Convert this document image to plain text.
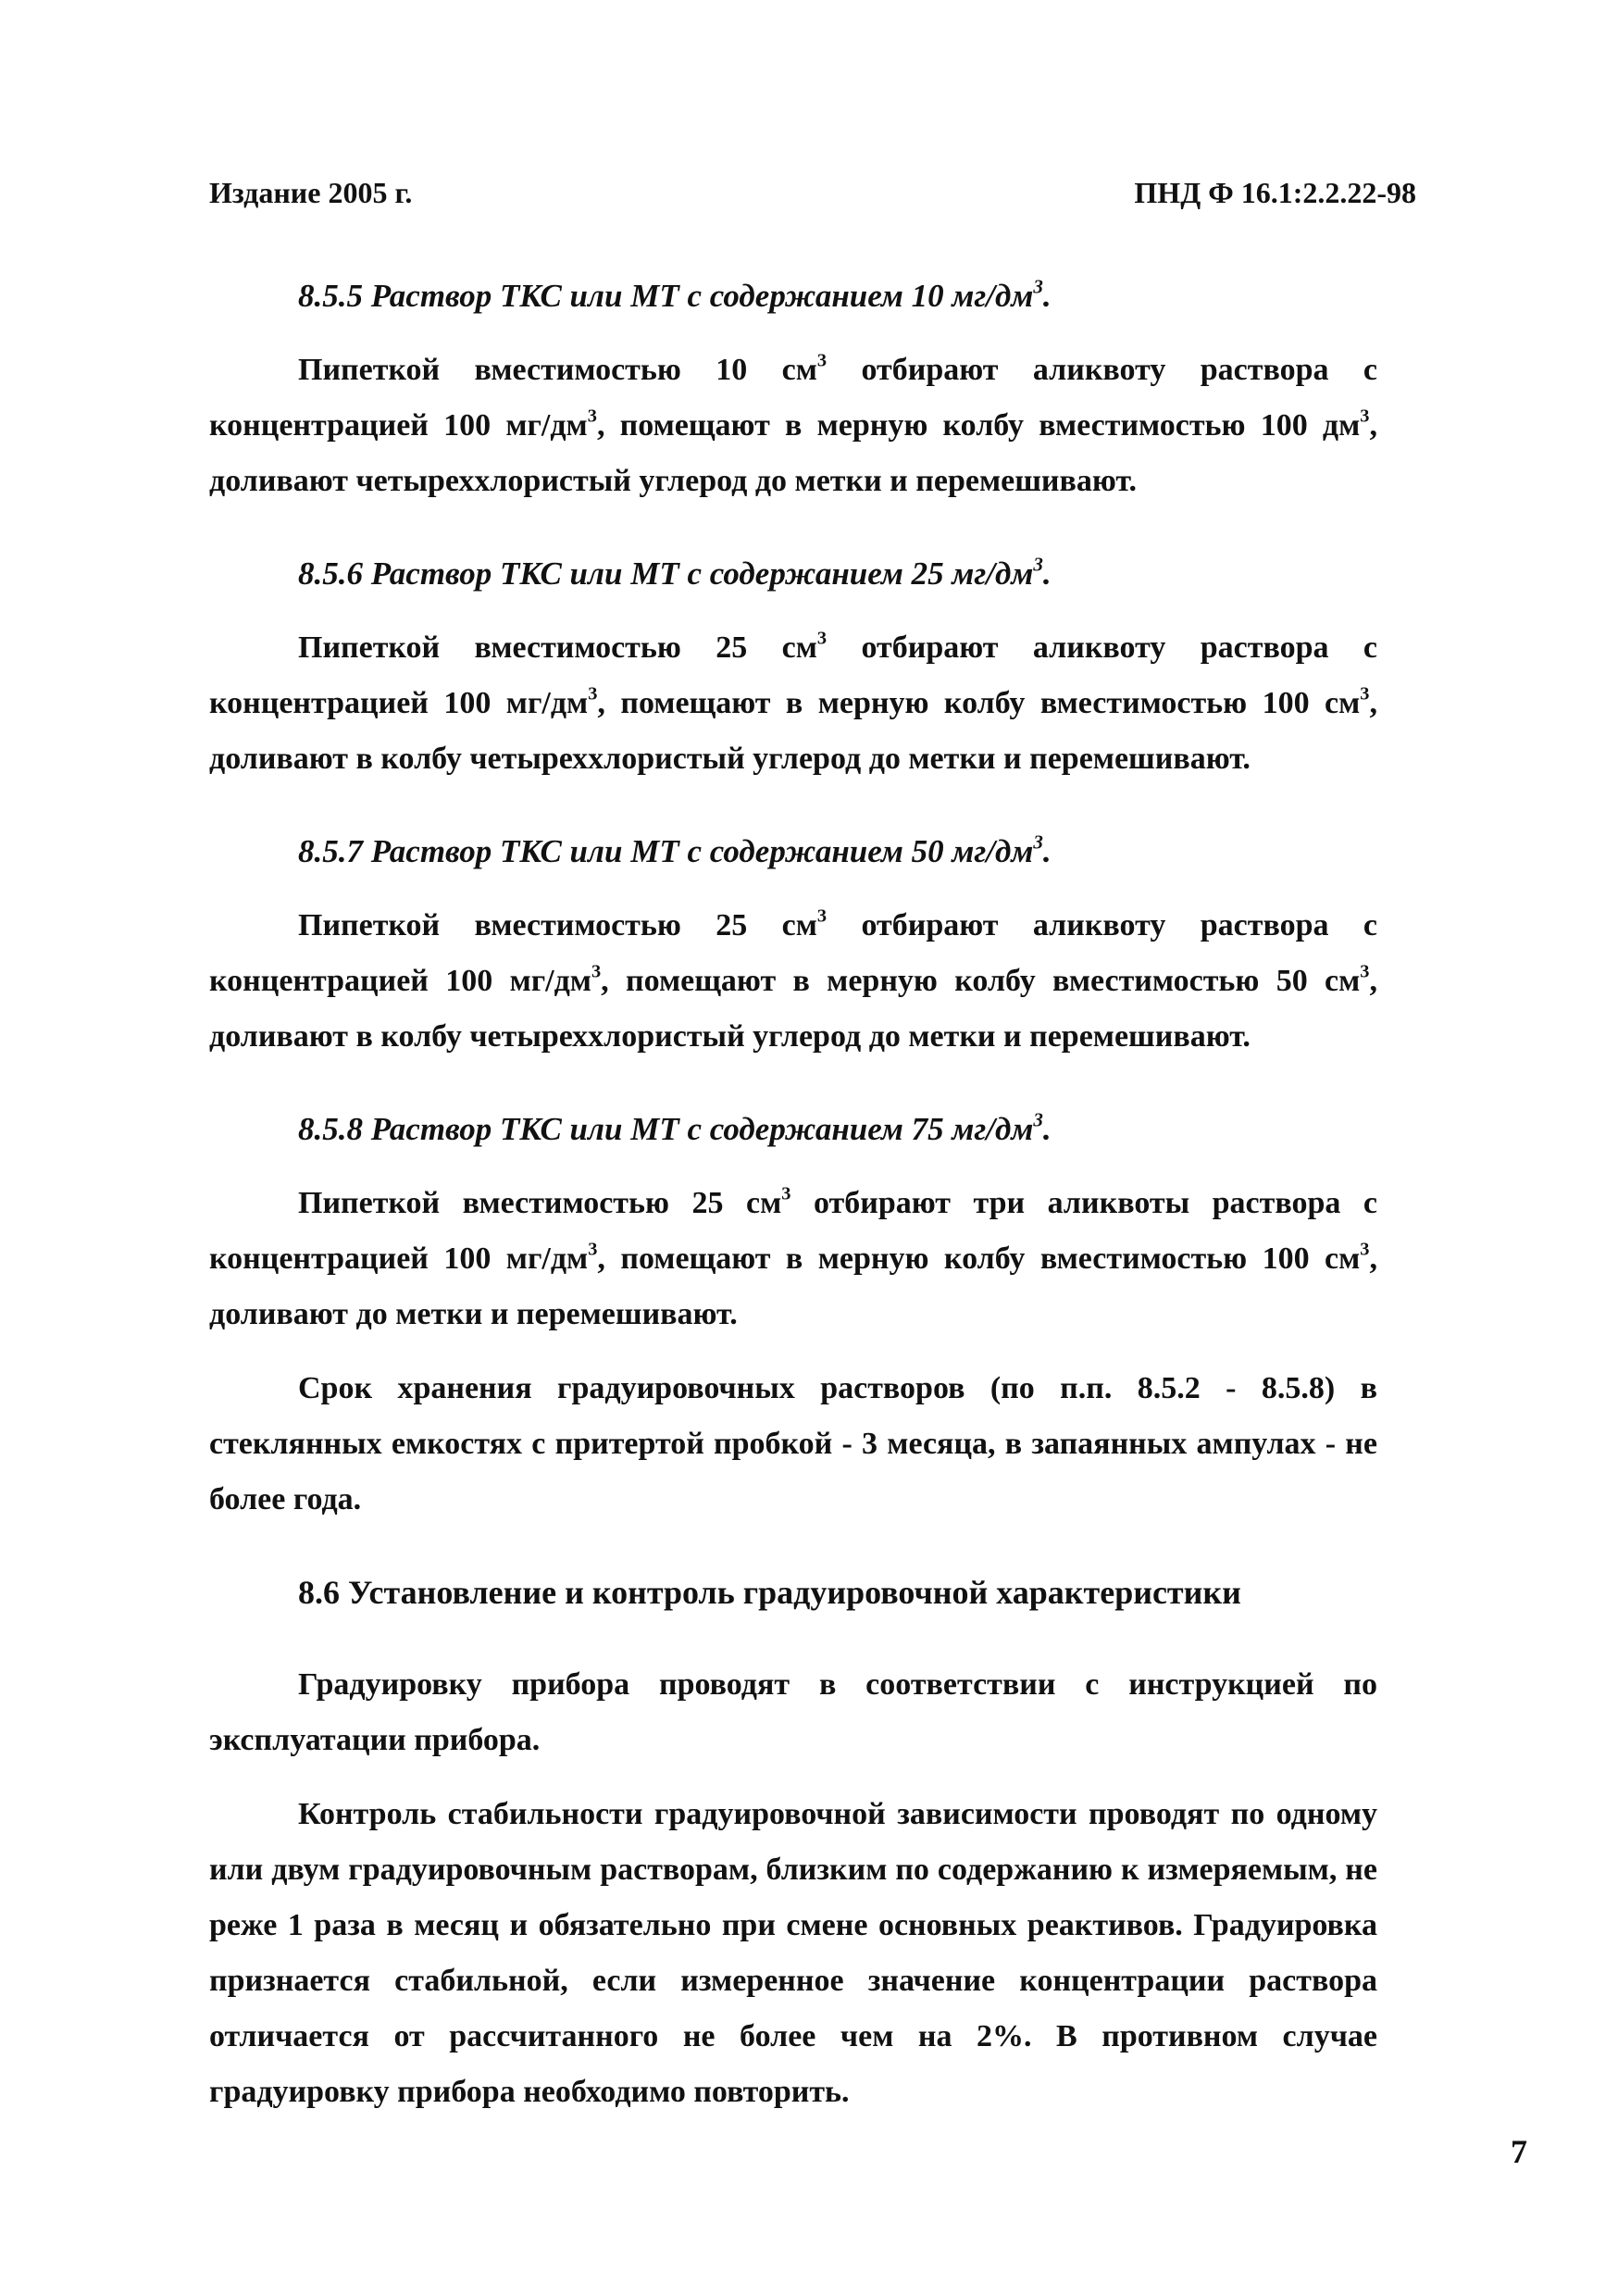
Издание 2005 г.	ПНД Ф 16.1:2.2.22-98
8.5.5 Раствор ТКС или МТ с содержанием 10 $мг/дм^3$.

Пипеткой вместимостью 10 $см^3$ отбирают аликвоту раствора с концентрацией 100 $мг/дм^3$, помещают в мерную колбу вместимостью 100 $дм^3$, доливают четыреххлористый углерод до метки и перемешивают.

8.5.6 Раствор ТКС или МТ с содержанием 25 $мг/дм^3$.

Пипеткой вместимостью 25 $см^3$ отбирают аликвоту раствора с концентрацией 100 $мг/дм^3$, помещают в мерную колбу вместимостью 100 $см^3$, доливают в колбу четыреххлористый углерод до метки и перемешивают.

8.5.7 Раствор ТКС или МТ с содержанием 50 $мг/дм^3$.

Пипеткой вместимостью 25 $см^3$ отбирают аликвоту раствора с концентрацией 100 $мг/дм^3$, помещают в мерную колбу вместимостью 50 $см^3$, доливают в колбу четыреххлористый углерод до метки и перемешивают.

8.5.8 Раствор ТКС или МТ с содержанием 75 $мг/дм^3$.

Пипеткой вместимостью 25 $см^3$ отбирают три аликвоты раствора с концентрацией 100 $мг/дм^3$, помещают в мерную колбу вместимостью 100 $см^3$, доливают до метки и перемешивают.

Срок хранения градуировочных растворов (по п.п. 8.5.2 - 8.5.8) в стеклянных емкостях с притертой пробкой - 3 месяца, в запаянных ампулах - не более года.

8.6 Установление и контроль градуировочной характеристики

Градуировку прибора проводят в соответствии с инструкцией по эксплуатации прибора.

Контроль стабильности градуировочной зависимости проводят по одному или двум градуировочным растворам, близким по содержанию к измеряемым, не реже 1 раза в месяц и обязательно при смене основных реактивов. Градуировка признается стабильной, если измеренное значение концентрации раствора отличается от рассчитанного не более чем на 2%. В противном случае градуировку прибора необходимо повторить.

7
